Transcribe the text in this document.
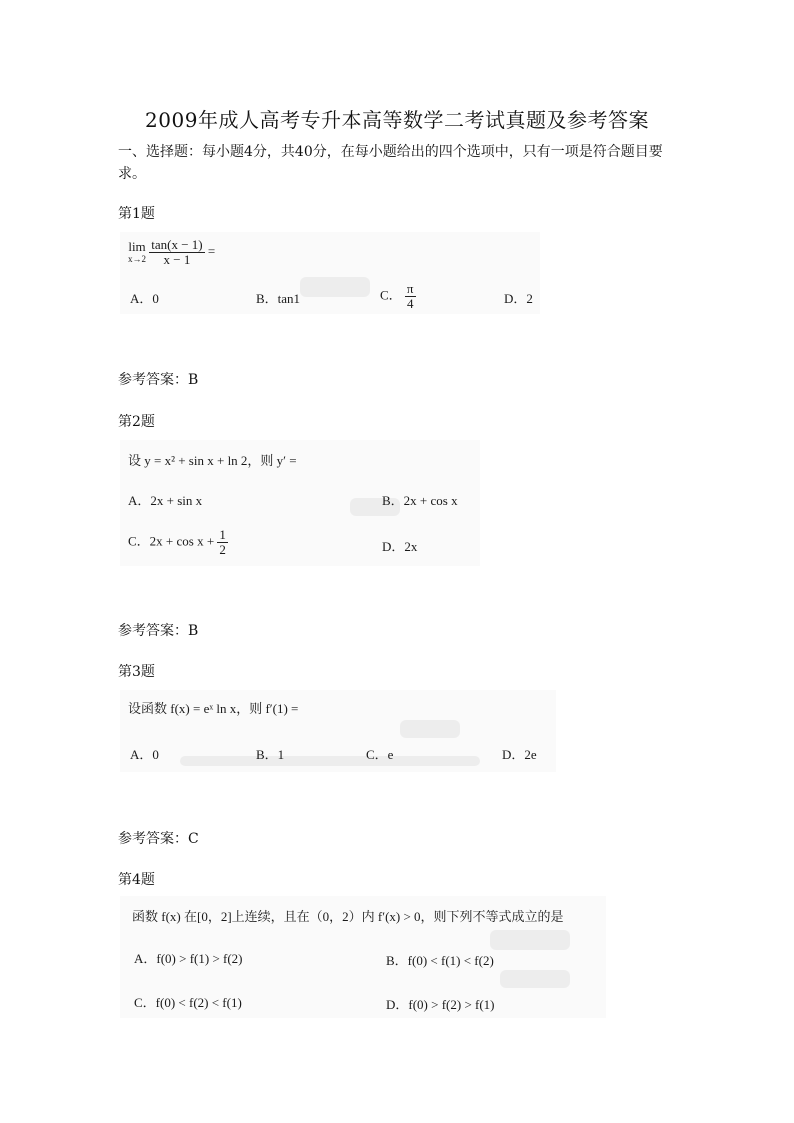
2009年成人高考专升本高等数学二考试真题及参考答案
一、选择题：每小题4分，共40分，在每小题给出的四个选项中，只有一项是符合题目要求。
第1题
lim
x→2
$\frac{\tan(x - 1)}{x - 1}$ =
A．0	B．tan1	C． $\frac{\pi}{4}$	D．2
参考答案：B
第2题
设 y = x² + sin x + ln 2，则 y′ =
A．2x + sin x	B．2x + cos x
C．$2x + \cos x + \frac{1}{2}$	D．2x
参考答案：B
第3题
设函数 f(x) = eˣ ln x，则 f′(1) =
A．0	B．1	C．e	D．2e
参考答案：C
第4题
函数 f(x) 在[0，2]上连续，且在（0，2）内 f′(x) > 0，则下列不等式成立的是
A．f(0) > f(1) > f(2)	B．f(0) < f(1) < f(2)
C．f(0) < f(2) < f(1)	D．f(0) > f(2) > f(1)
